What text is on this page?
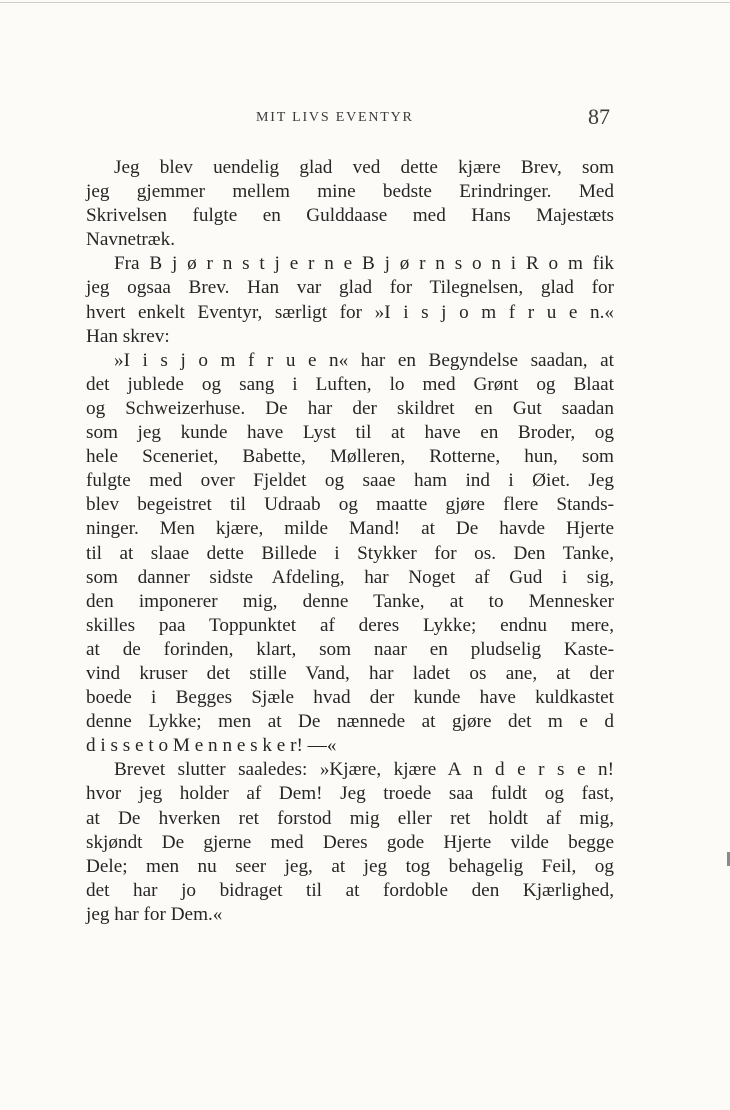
MIT LIVS EVENTYR	87
Jeg blev uendelig glad ved dette kjære Brev, som
jeg gjemmer mellem mine bedste Erindringer. Med
Skrivelsen fulgte en Gulddaase med Hans Majestæts
Navnetræk.
Fra B j ø r n s t j e r n e B j ø r n s o n i R o m fik
jeg ogsaa Brev. Han var glad for Tilegnelsen, glad for
hvert enkelt Eventyr, særligt for »I i s j o m f r u e n.«
Han skrev:
»I i s j o m f r u e n« har en Begyndelse saadan, at
det jublede og sang i Luften, lo med Grønt og Blaat
og Schweizerhuse. De har der skildret en Gut saadan
som jeg kunde have Lyst til at have en Broder, og
hele Sceneriet, Babette, Mølleren, Rotterne, hun, som
fulgte med over Fjeldet og saae ham ind i Øiet. Jeg
blev begeistret til Udraab og maatte gjøre flere Stands-
ninger. Men kjære, milde Mand! at De havde Hjerte
til at slaae dette Billede i Stykker for os. Den Tanke,
som danner sidste Afdeling, har Noget af Gud i sig,
den imponerer mig, denne Tanke, at to Mennesker
skilles paa Toppunktet af deres Lykke; endnu mere,
at de forinden, klart, som naar en pludselig Kaste-
vind kruser det stille Vand, har ladet os ane, at der
boede i Begges Sjæle hvad der kunde have kuldkastet
denne Lykke; men at De nænnede at gjøre det m e d
d i s s e t o M e n n e s k e r! —«
Brevet slutter saaledes: »Kjære, kjære A n d e r s e n!
hvor jeg holder af Dem! Jeg troede saa fuldt og fast,
at De hverken ret forstod mig eller ret holdt af mig,
skjøndt De gjerne med Deres gode Hjerte vilde begge
Dele; men nu seer jeg, at jeg tog behagelig Feil, og
det har jo bidraget til at fordoble den Kjærlighed,
jeg har for Dem.«
